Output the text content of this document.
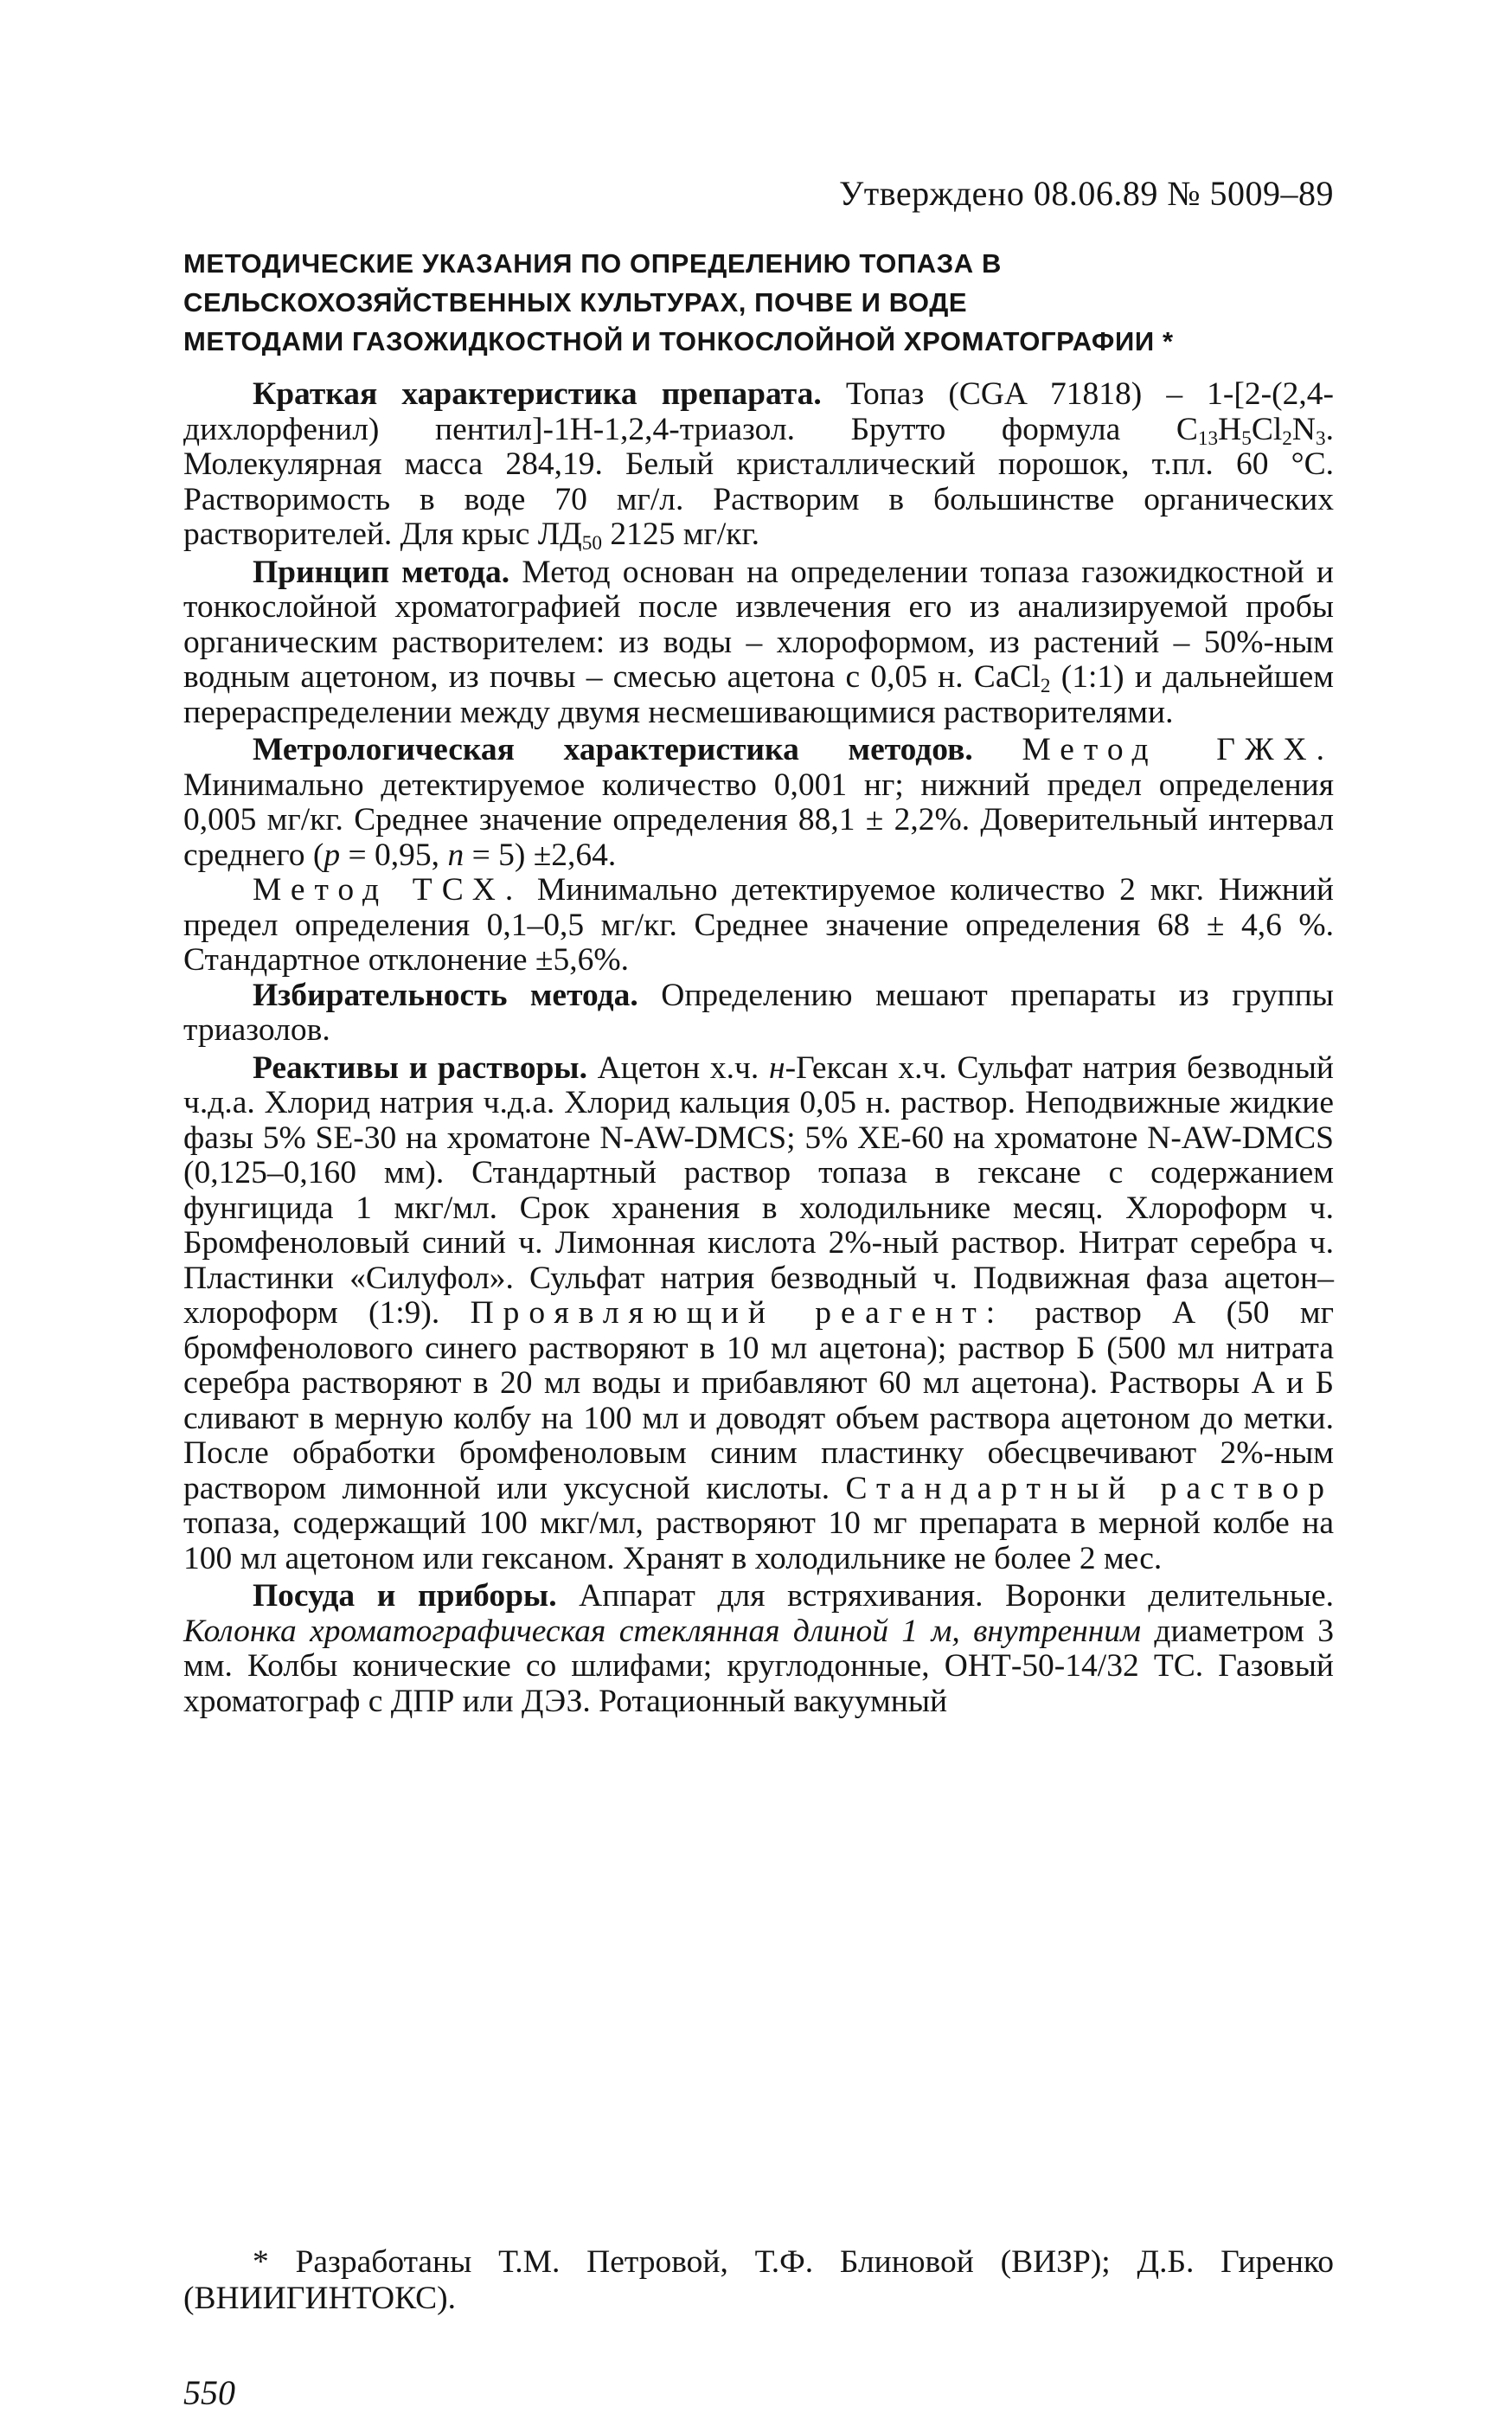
Утверждено 08.06.89 № 5009–89
МЕТОДИЧЕСКИЕ УКАЗАНИЯ ПО ОПРЕДЕЛЕНИЮ ТОПАЗА В
СЕЛЬСКОХОЗЯЙСТВЕННЫХ КУЛЬТУРАХ, ПОЧВЕ И ВОДЕ
МЕТОДАМИ ГАЗОЖИДКОСТНОЙ И ТОНКОСЛОЙНОЙ ХРОМАТОГРАФИИ *

Краткая характеристика препарата. Топаз (CGA 71818) – 1-[2-(2,4-дихлорфенил) пентил]-1Н-1,2,4-триазол. Брутто формула $С_{13}Н_5Cl_2N_3$. Молекулярная масса 284,19. Белый кристаллический порошок, т.пл. 60 °С. Растворимость в воде 70 мг/л. Растворим в большинстве органических растворителей. Для крыс $ЛД_{50}$ 2125 мг/кг.

Принцип метода. Метод основан на определении топаза газожидкостной и тонкослойной хроматографией после извлечения его из анализируемой пробы органическим растворителем: из воды – хлороформом, из растений – 50%-ным водным ацетоном, из почвы – смесью ацетона с 0,05 н. СaCl$_2$ (1:1) и дальнейшем перераспределении между двумя несмешивающимися растворителями.

Метрологическая характеристика методов. Метод ГЖХ. Минимально детектируемое количество 0,001 нг; нижний предел определения 0,005 мг/кг. Среднее значение определения 88,1 ± 2,2%. Доверительный интервал среднего (р = 0,95, n = 5) ±2,64.

Метод ТСХ. Минимально детектируемое количество 2 мкг. Нижний предел определения 0,1–0,5 мг/кг. Среднее значение определения 68 ± 4,6 %. Стандартное отклонение ±5,6%.

Избирательность метода. Определению мешают препараты из группы триазолов.

Реактивы и растворы. Ацетон х.ч. н-Гексан х.ч. Сульфат натрия безводный ч.д.а. Хлорид натрия ч.д.а. Хлорид кальция 0,05 н. раствор. Неподвижные жидкие фазы 5% SE-30 на хроматоне N-AW-DMCS; 5% XE-60 на хроматоне N-AW-DMCS (0,125–0,160 мм). Стандартный раствор топаза в гексане с содержанием фунгицида 1 мкг/мл. Срок хранения в холодильнике месяц. Хлороформ ч. Бромфеноловый синий ч. Лимонная кислота 2%-ный раствор. Нитрат серебра ч. Пластинки «Силуфол». Сульфат натрия безводный ч. Подвижная фаза ацетон–хлороформ (1:9). Проявляющий реагент: раствор А (50 мг бромфенолового синего растворяют в 10 мл ацетона); раствор Б (500 мл нитрата серебра растворяют в 20 мл воды и прибавляют 60 мл ацетона). Растворы А и Б сливают в мерную колбу на 100 мл и доводят объем раствора ацетоном до метки. После обработки бромфеноловым синим пластинку обесцвечивают 2%-ным раствором лимонной или уксусной кислоты. Стандартный раствор топаза, содержащий 100 мкг/мл, растворяют 10 мг препарата в мерной колбе на 100 мл ацетоном или гексаном. Хранят в холодильнике не более 2 мес.

Посуда и приборы. Аппарат для встряхивания. Воронки делительные. Колонка хроматографическая стеклянная длиной 1 м, внутренним диаметром 3 мм. Колбы конические со шлифами; круглодонные, ОНТ-50-14/32 ТС. Газовый хроматограф с ДПР или ДЭЗ. Ротационный вакуумный

* Разработаны Т.М. Петровой, Т.Ф. Блиновой (ВИЗР); Д.Б. Гиренко (ВНИИГИНТОКС).
550
